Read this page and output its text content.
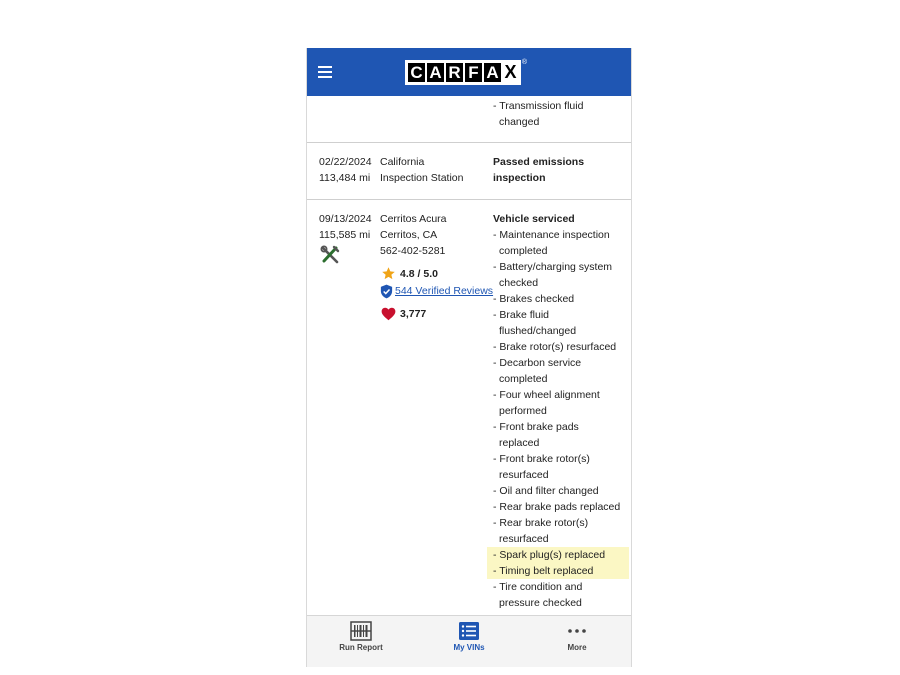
C A R F A X ®
- Transmission fluid
changed
02/22/2024
113,484 mi
California
Inspection Station
Passed emissions
inspection
09/13/2024
115,585 mi
Cerritos Acura
Cerritos, CA
562-402-5281
4.8 / 5.0
544 Verified Reviews
3,777
Vehicle serviced
- Maintenance inspection
completed
- Battery/charging system
checked
- Brakes checked
- Brake fluid
flushed/changed
- Brake rotor(s) resurfaced
- Decarbon service
completed
- Four wheel alignment
performed
- Front brake pads
replaced
- Front brake rotor(s)
resurfaced
- Oil and filter changed
- Rear brake pads replaced
- Rear brake rotor(s)
resurfaced
- Spark plug(s) replaced
- Timing belt replaced
- Tire condition and
pressure checked
Run Report	My VINs	More
